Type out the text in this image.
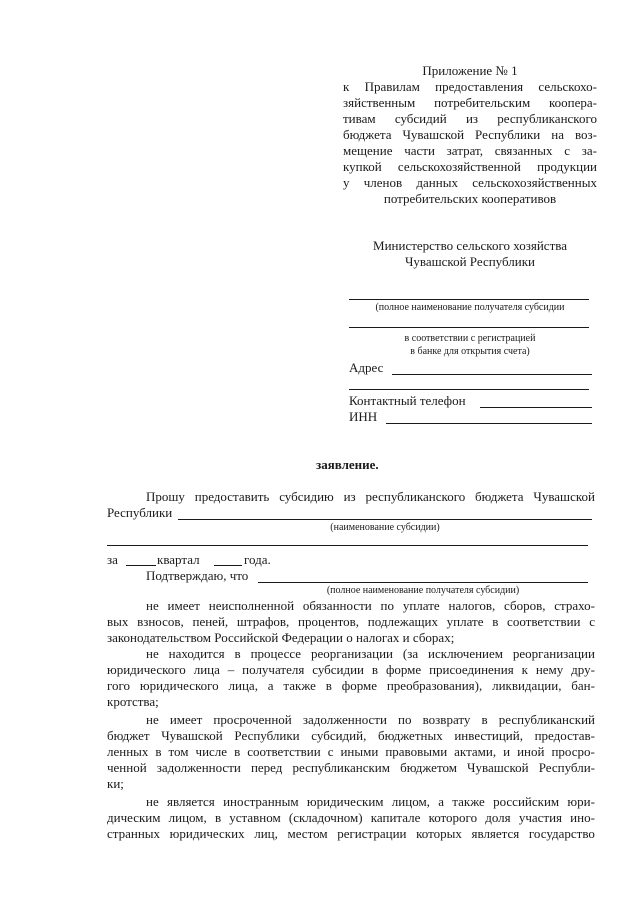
Приложение № 1
к Правилам предоставления сельскохо-
зяйственным потребительским коопера-
тивам субсидий из республиканского
бюджета Чувашской Республики на воз-
мещение части затрат, связанных с за-
купкой сельскохозяйственной продукции
у членов данных сельскохозяйственных
потребительских кооперативов
Министерство сельского хозяйства
Чувашской Республики
(полное наименование получателя субсидии
в соответствии с регистрацией
в банке для открытия счета)
Адрес
Контактный телефон
ИНН
заявление.
Прошу предоставить субсидию из республиканского бюджета Чувашской
Республики
(наименование субсидии)
за	квартал	года.
Подтверждаю, что
(полное наименование получателя субсидии)
не имеет неисполненной обязанности по уплате налогов, сборов, страхо-
вых взносов, пеней, штрафов, процентов, подлежащих уплате в соответствии с
законодательством Российской Федерации о налогах и сборах;
не находится в процессе реорганизации (за исключением реорганизации
юридического лица – получателя субсидии в форме присоединения к нему дру-
гого юридического лица, а также в форме преобразования), ликвидации, бан-
кротства;
не имеет просроченной задолженности по возврату в республиканский
бюджет Чувашской Республики субсидий, бюджетных инвестиций, предостав-
ленных в том числе в соответствии с иными правовыми актами, и иной просро-
ченной задолженности перед республиканским бюджетом Чувашской Республи-
ки;
не является иностранным юридическим лицом, а также российским юри-
дическим лицом, в уставном (складочном) капитале которого доля участия ино-
странных юридических лиц, местом регистрации которых является государство
